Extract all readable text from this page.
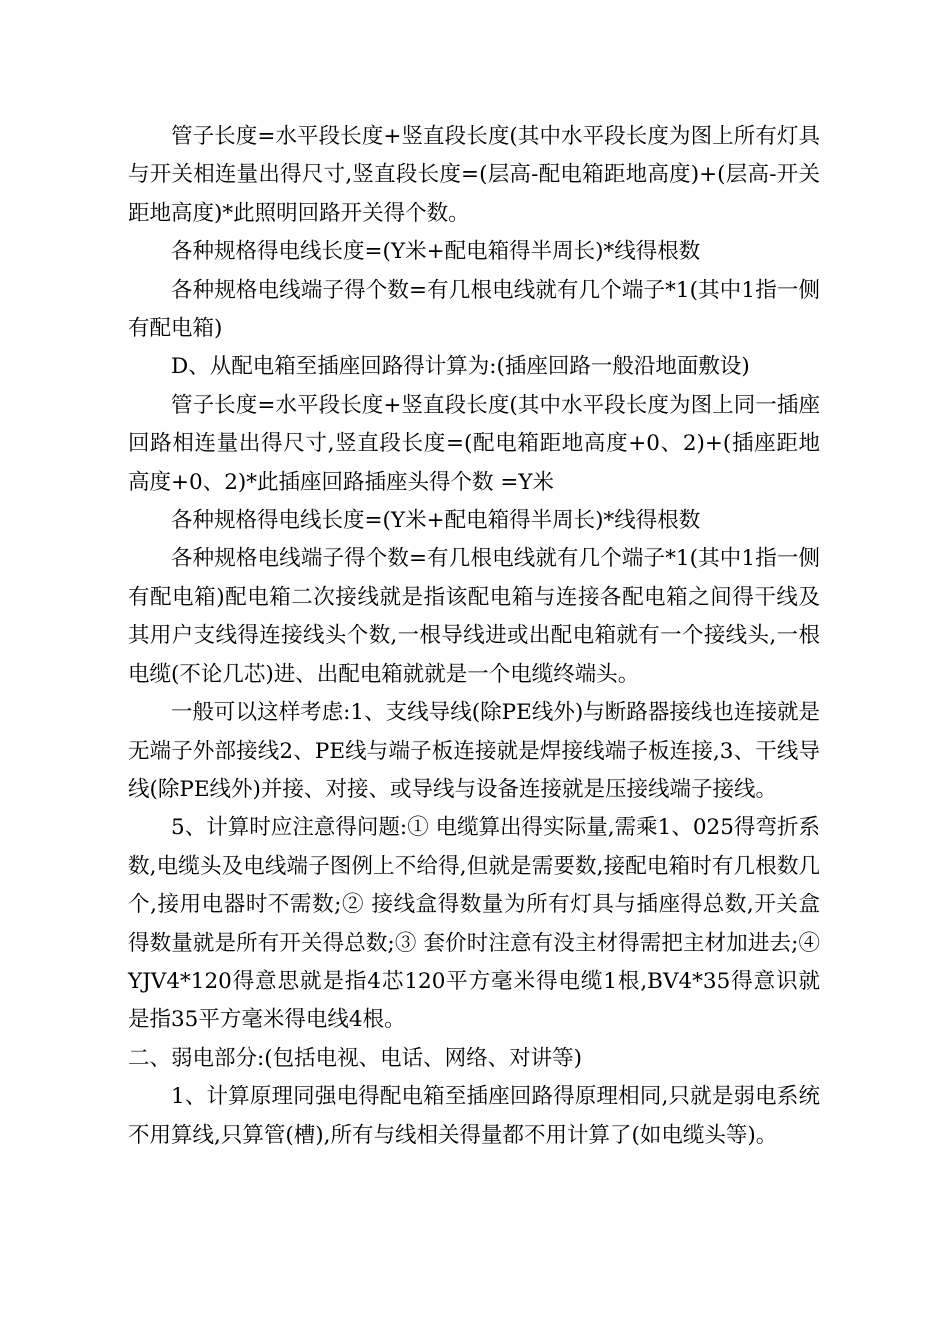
管子长度=水平段长度+竖直段长度(其中水平段长度为图上所有灯具与开关相连量出得尺寸,竖直段长度=(层高-配电箱距地高度)+(层高-开关距地高度)*此照明回路开关得个数。

各种规格得电线长度=(Y米+配电箱得半周长)*线得根数

各种规格电线端子得个数=有几根电线就有几个端子*1(其中1指一侧有配电箱)

D、从配电箱至插座回路得计算为:(插座回路一般沿地面敷设)

管子长度=水平段长度+竖直段长度(其中水平段长度为图上同一插座回路相连量出得尺寸,竖直段长度=(配电箱距地高度+0、2)+(插座距地高度+0、2)*此插座回路插座头得个数 =Y米

各种规格得电线长度=(Y米+配电箱得半周长)*线得根数

各种规格电线端子得个数=有几根电线就有几个端子*1(其中1指一侧有配电箱)配电箱二次接线就是指该配电箱与连接各配电箱之间得干线及其用户支线得连接线头个数,一根导线进或出配电箱就有一个接线头,一根电缆(不论几芯)进、出配电箱就就是一个电缆终端头。

一般可以这样考虑:1、支线导线(除PE线外)与断路器接线也连接就是无端子外部接线2、PE线与端子板连接就是焊接线端子板连接,3、干线导线(除PE线外)并接、对接、或导线与设备连接就是压接线端子接线。

5、计算时应注意得问题:① 电缆算出得实际量,需乘1、025得弯折系数,电缆头及电线端子图例上不给得,但就是需要数,接配电箱时有几根数几个,接用电器时不需数;② 接线盒得数量为所有灯具与插座得总数,开关盒得数量就是所有开关得总数;③ 套价时注意有没主材得需把主材加进去;④ YJV4*120得意思就是指4芯120平方毫米得电缆1根,BV4*35得意识就是指35平方毫米得电线4根。

二、弱电部分:(包括电视、电话、网络、对讲等)

1、计算原理同强电得配电箱至插座回路得原理相同,只就是弱电系统不用算线,只算管(槽),所有与线相关得量都不用计算了(如电缆头等)。
